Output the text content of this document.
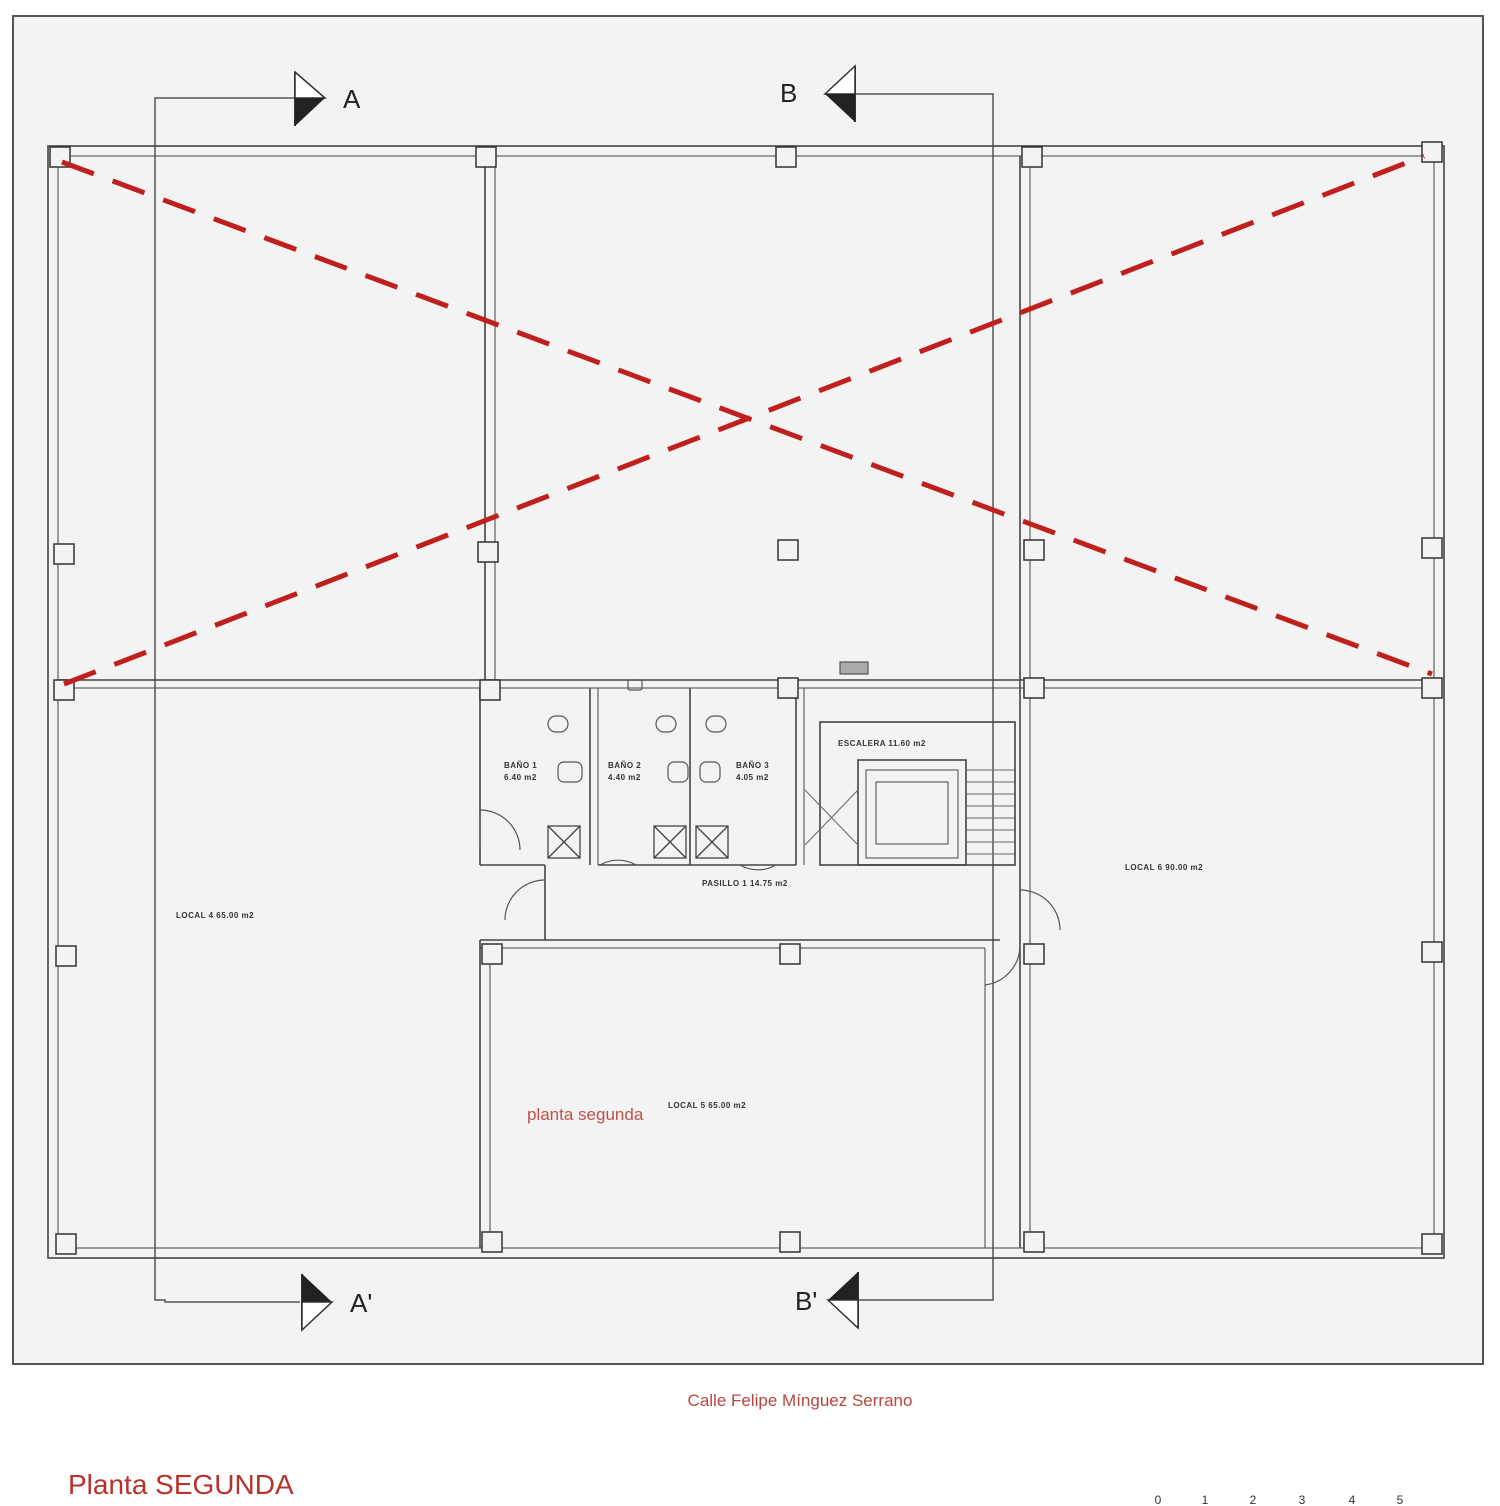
A	B
A'	B'
LOCAL 4 65.00 m2
LOCAL 5 65.00 m2
LOCAL 6 90.00 m2
PASILLO 1 14.75 m2
ESCALERA 11.60 m2
BAÑO 1
6.40 m2
BAÑO 2
4.40 m2
BAÑO 3
4.05 m2
planta segunda
Calle Felipe Mínguez Serrano
Planta SEGUNDA	0	1	2	3	4	5
